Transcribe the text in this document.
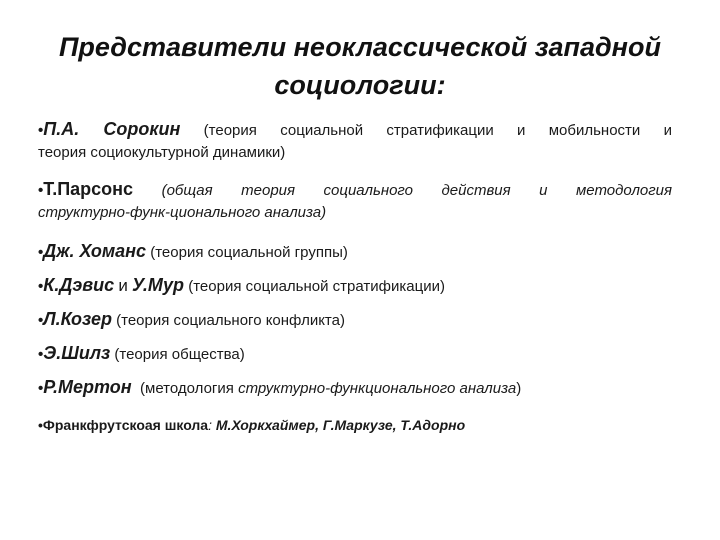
Представители неоклассической западной
социологии:
•П.А. Сорокин (теория социальной стратификации и мобильности и
теория социокультурной динамики)
•Т.Парсонс (общая теория социального действия и методология
структурно-функ-ционального анализа)
•Дж. Хоманс (теория социальной группы)
•К.Дэвис и У.Мур (теория социальной стратификации)
•Л.Козер (теория социального конфликта)
•Э.Шилз (теория общества)
•Р.Мертон (методология структурно-функционального анализа)
•Франкфрутскоая школа: М.Хоркхаймер, Г.Маркузе, Т.Адорно
